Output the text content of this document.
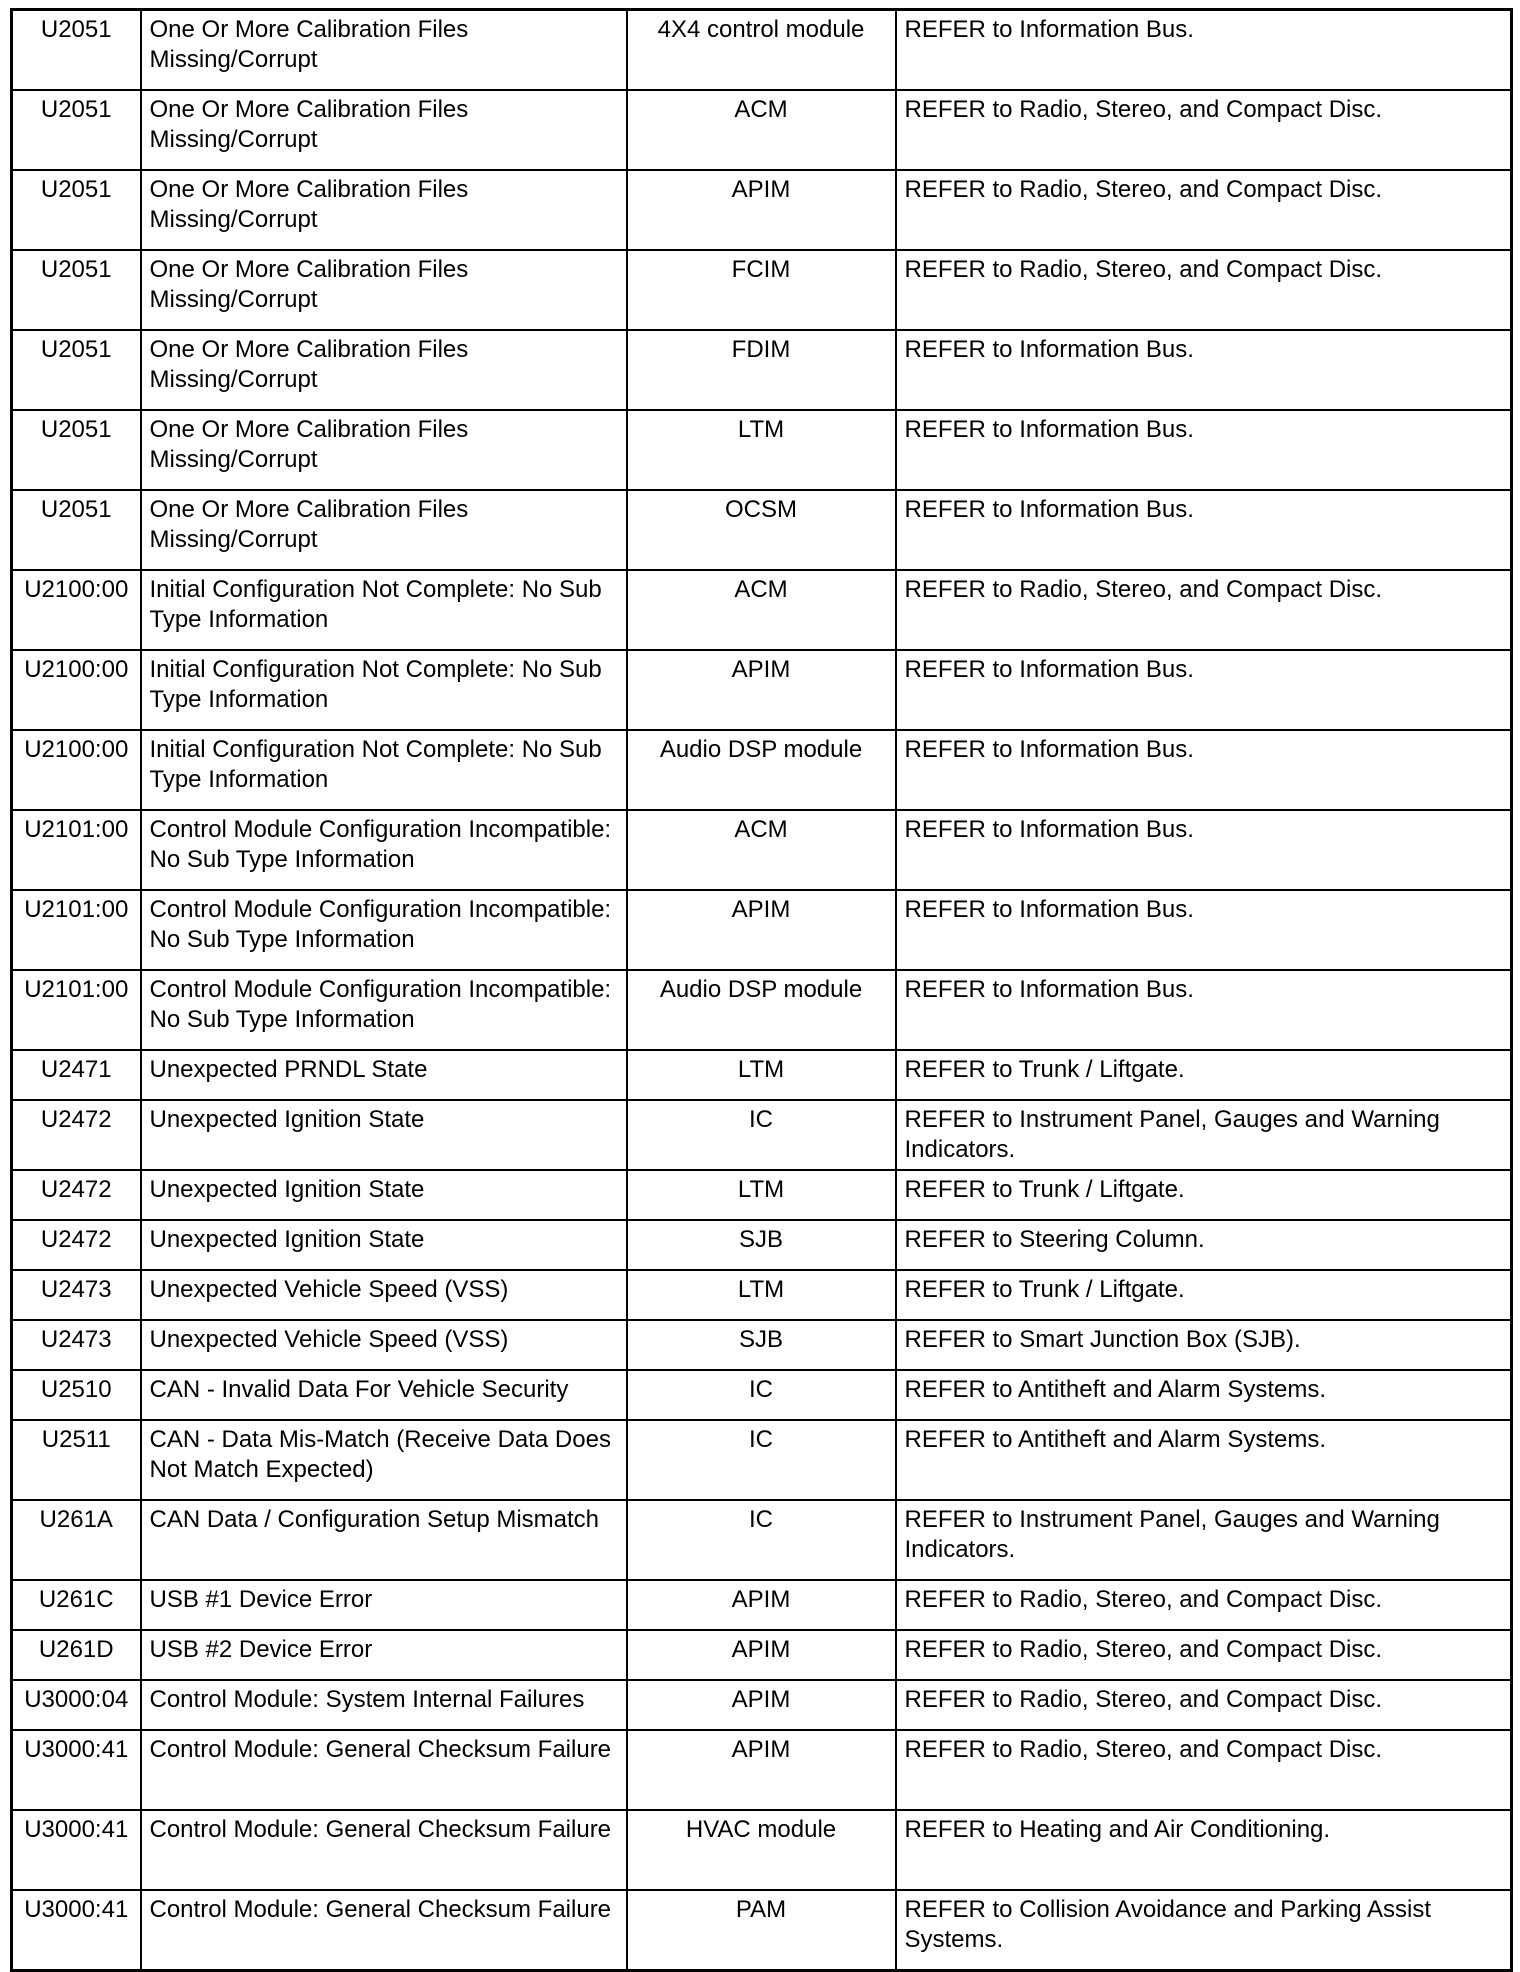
U2051	One Or More Calibration Files Missing/Corrupt	4X4 control module	REFER to Information Bus.
U2051	One Or More Calibration Files Missing/Corrupt	ACM	REFER to Radio, Stereo, and Compact Disc.
U2051	One Or More Calibration Files Missing/Corrupt	APIM	REFER to Radio, Stereo, and Compact Disc.
U2051	One Or More Calibration Files Missing/Corrupt	FCIM	REFER to Radio, Stereo, and Compact Disc.
U2051	One Or More Calibration Files Missing/Corrupt	FDIM	REFER to Information Bus.
U2051	One Or More Calibration Files Missing/Corrupt	LTM	REFER to Information Bus.
U2051	One Or More Calibration Files Missing/Corrupt	OCSM	REFER to Information Bus.
U2100:00	Initial Configuration Not Complete: No Sub Type Information	ACM	REFER to Radio, Stereo, and Compact Disc.
U2100:00	Initial Configuration Not Complete: No Sub Type Information	APIM	REFER to Information Bus.
U2100:00	Initial Configuration Not Complete: No Sub Type Information	Audio DSP module	REFER to Information Bus.
U2101:00	Control Module Configuration Incompatible: No Sub Type Information	ACM	REFER to Information Bus.
U2101:00	Control Module Configuration Incompatible: No Sub Type Information	APIM	REFER to Information Bus.
U2101:00	Control Module Configuration Incompatible: No Sub Type Information	Audio DSP module	REFER to Information Bus.
U2471	Unexpected PRNDL State	LTM	REFER to Trunk / Liftgate.
U2472	Unexpected Ignition State	IC	REFER to Instrument Panel, Gauges and Warning Indicators.
U2472	Unexpected Ignition State	LTM	REFER to Trunk / Liftgate.
U2472	Unexpected Ignition State	SJB	REFER to Steering Column.
U2473	Unexpected Vehicle Speed (VSS)	LTM	REFER to Trunk / Liftgate.
U2473	Unexpected Vehicle Speed (VSS)	SJB	REFER to Smart Junction Box (SJB).
U2510	CAN - Invalid Data For Vehicle Security	IC	REFER to Antitheft and Alarm Systems.
U2511	CAN - Data Mis-Match (Receive Data Does Not Match Expected)	IC	REFER to Antitheft and Alarm Systems.
U261A	CAN Data / Configuration Setup Mismatch	IC	REFER to Instrument Panel, Gauges and Warning Indicators.
U261C	USB #1 Device Error	APIM	REFER to Radio, Stereo, and Compact Disc.
U261D	USB #2 Device Error	APIM	REFER to Radio, Stereo, and Compact Disc.
U3000:04	Control Module: System Internal Failures	APIM	REFER to Radio, Stereo, and Compact Disc.
U3000:41	Control Module: General Checksum Failure	APIM	REFER to Radio, Stereo, and Compact Disc.
U3000:41	Control Module: General Checksum Failure	HVAC module	REFER to Heating and Air Conditioning.
U3000:41	Control Module: General Checksum Failure	PAM	REFER to Collision Avoidance and Parking Assist Systems.
